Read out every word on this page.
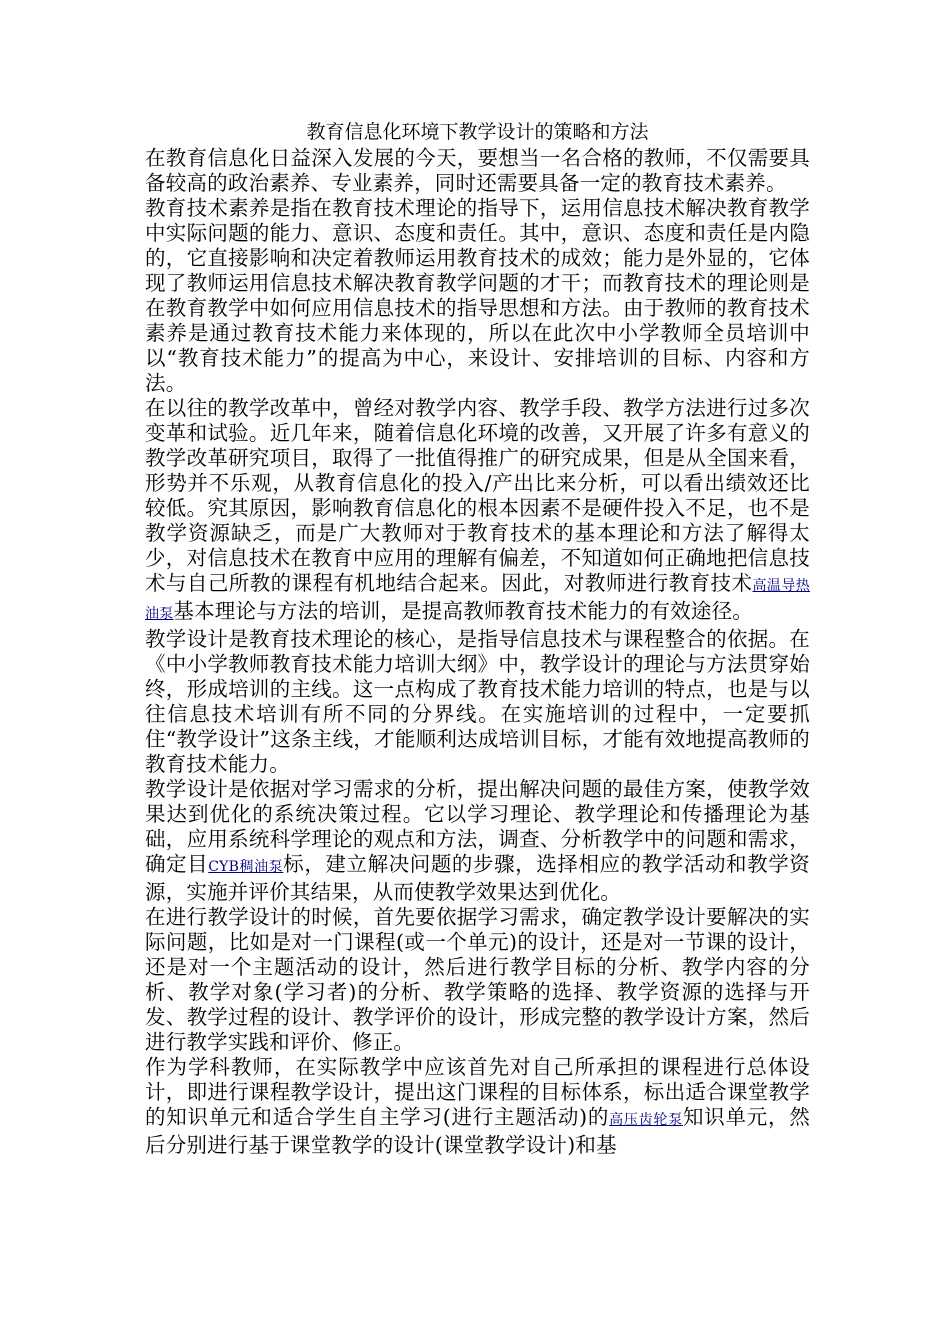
教育信息化环境下教学设计的策略和方法

在教育信息化日益深入发展的今天，要想当一名合格的教师，不仅需要具备较高的政治素养、专业素养，同时还需要具备一定的教育技术素养。

教育技术素养是指在教育技术理论的指导下，运用信息技术解决教育教学中实际问题的能力、意识、态度和责任。其中，意识、态度和责任是内隐的，它直接影响和决定着教师运用教育技术的成效；能力是外显的，它体现了教师运用信息技术解决教育教学问题的才干；而教育技术的理论则是在教育教学中如何应用信息技术的指导思想和方法。由于教师的教育技术素养是通过教育技术能力来体现的，所以在此次中小学教师全员培训中以“教育技术能力”的提高为中心，来设计、安排培训的目标、内容和方法。

在以往的教学改革中，曾经对教学内容、教学手段、教学方法进行过多次变革和试验。近几年来，随着信息化环境的改善，又开展了许多有意义的教学改革研究项目，取得了一批值得推广的研究成果，但是从全国来看，形势并不乐观，从教育信息化的投入/产出比来分析，可以看出绩效还比较低。究其原因，影响教育信息化的根本因素不是硬件投入不足，也不是教学资源缺乏，而是广大教师对于教育技术的基本理论和方法了解得太少，对信息技术在教育中应用的理解有偏差，不知道如何正确地把信息技术与自己所教的课程有机地结合起来。因此，对教师进行教育技术高温导热油泵基本理论与方法的培训，是提高教师教育技术能力的有效途径。

教学设计是教育技术理论的核心，是指导信息技术与课程整合的依据。在《中小学教师教育技术能力培训大纲》中，教学设计的理论与方法贯穿始终，形成培训的主线。这一点构成了教育技术能力培训的特点，也是与以往信息技术培训有所不同的分界线。在实施培训的过程中，一定要抓住“教学设计”这条主线，才能顺利达成培训目标，才能有效地提高教师的教育技术能力。

教学设计是依据对学习需求的分析，提出解决问题的最佳方案，使教学效果达到优化的系统决策过程。它以学习理论、教学理论和传播理论为基础，应用系统科学理论的观点和方法，调查、分析教学中的问题和需求，确定目CYB稠油泵标，建立解决问题的步骤，选择相应的教学活动和教学资源，实施并评价其结果，从而使教学效果达到优化。

在进行教学设计的时候，首先要依据学习需求，确定教学设计要解决的实际问题，比如是对一门课程(或一个单元)的设计，还是对一节课的设计，还是对一个主题活动的设计，然后进行教学目标的分析、教学内容的分析、教学对象(学习者)的分析、教学策略的选择、教学资源的选择与开发、教学过程的设计、教学评价的设计，形成完整的教学设计方案，然后进行教学实践和评价、修正。

作为学科教师，在实际教学中应该首先对自己所承担的课程进行总体设计，即进行课程教学设计，提出这门课程的目标体系，标出适合课堂教学的知识单元和适合学生自主学习(进行主题活动)的高压齿轮泵知识单元，然后分别进行基于课堂教学的设计(课堂教学设计)和基
